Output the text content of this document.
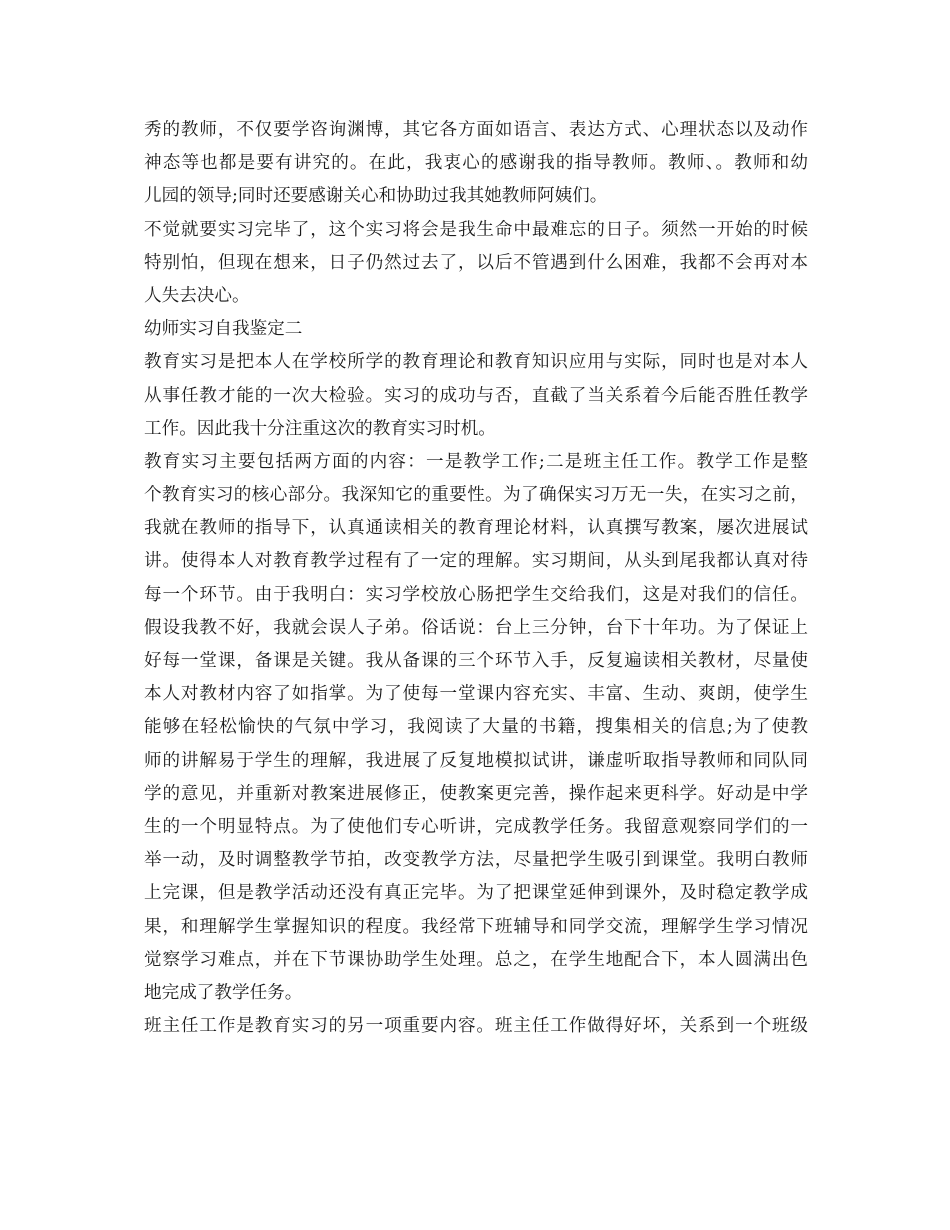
秀的教师，不仅要学咨询渊博，其它各方面如语言、表达方式、心理状态以及动作
神态等也都是要有讲究的。在此，我衷心的感谢我的指导教师。教师、。教师和幼
儿园的领导;同时还要感谢关心和协助过我其她教师阿姨们。
不觉就要实习完毕了，这个实习将会是我生命中最难忘的日子。须然一开始的时候
特别怕，但现在想来，日子仍然过去了，以后不管遇到什么困难，我都不会再对本
人失去决心。
幼师实习自我鉴定二
教育实习是把本人在学校所学的教育理论和教育知识应用与实际，同时也是对本人
从事任教才能的一次大检验。实习的成功与否，直截了当关系着今后能否胜任教学
工作。因此我十分注重这次的教育实习时机。
教育实习主要包括两方面的内容：一是教学工作;二是班主任工作。教学工作是整
个教育实习的核心部分。我深知它的重要性。为了确保实习万无一失，在实习之前，
我就在教师的指导下，认真通读相关的教育理论材料，认真撰写教案，屡次进展试
讲。使得本人对教育教学过程有了一定的理解。实习期间，从头到尾我都认真对待
每一个环节。由于我明白：实习学校放心肠把学生交给我们，这是对我们的信任。
假设我教不好，我就会误人子弟。俗话说：台上三分钟，台下十年功。为了保证上
好每一堂课，备课是关键。我从备课的三个环节入手，反复遍读相关教材，尽量使
本人对教材内容了如指掌。为了使每一堂课内容充实、丰富、生动、爽朗，使学生
能够在轻松愉快的气氛中学习，我阅读了大量的书籍，搜集相关的信息;为了使教
师的讲解易于学生的理解，我进展了反复地模拟试讲，谦虚听取指导教师和同队同
学的意见，并重新对教案进展修正，使教案更完善，操作起来更科学。好动是中学
生的一个明显特点。为了使他们专心听讲，完成教学任务。我留意观察同学们的一
举一动，及时调整教学节拍，改变教学方法，尽量把学生吸引到课堂。我明白教师
上完课，但是教学活动还没有真正完毕。为了把课堂延伸到课外，及时稳定教学成
果，和理解学生掌握知识的程度。我经常下班辅导和同学交流，理解学生学习情况
觉察学习难点，并在下节课协助学生处理。总之，在学生地配合下，本人圆满出色
地完成了教学任务。
班主任工作是教育实习的另一项重要内容。班主任工作做得好坏，关系到一个班级
